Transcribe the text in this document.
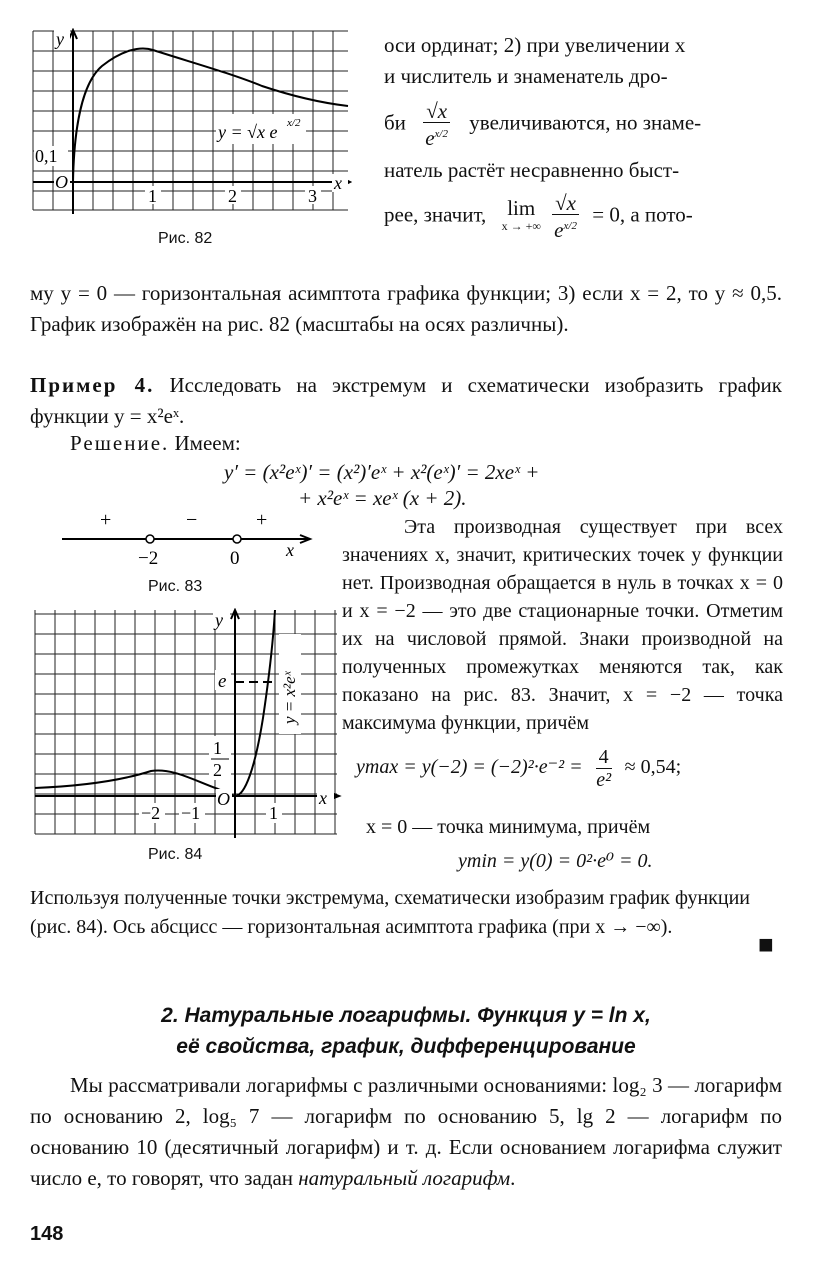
y
x
0,1
O
1	2	3
y = √x e x/2
Рис. 82
оси ординат; 2) при увеличении x
и числитель и знаменатель дро-
би $\frac{√x}{e^{x/2}}$ увеличиваются, но знаме-
натель растёт несравненно быст-
рее, значит, lim
x → +∞
$\frac{√x}{e^{x/2}} = 0$, а пото-
му y = 0 — горизонтальная асимптота графика функции; 3) если x = 2, то y ≈ 0,5. График изображён на рис. 82 (масштабы на осях различны).
Пример 4. Исследовать на экстремум и схематически изобразить график функции y = x²eˣ.
Решение. Имеем:
y′ = (x²eˣ)′ = (x²)′eˣ + x²(eˣ)′ = 2xeˣ +
+ x²eˣ = xeˣ (x + 2).
+	−	+
−2	0	x
Рис. 83
y
e
1
2
O
−2 −1	1
x
y = x²eˣ
Рис. 84
Эта производная существует при всех значениях x, значит, критических точек у функции нет. Производная обращается в нуль в точках x = 0 и x = −2 — это две стационарные точки. Отметим их на числовой прямой. Знаки производной на полученных промежутках меняются так, как показано на рис. 83. Значит, x = −2 — точка максимума функции, причём
$ymax = y(-2) = (-2)^2\cdot e^{-2} = \frac{4}{\text{e²}} \approx 0,54$;
x = 0 — точка минимума, причём
ymin = y(0) = 0²·e⁰ = 0.
Используя полученные точки экстремума, схематически изобразим график функции (рис. 84). Ось абсцисс — горизонтальная асимптота графика (при x → −∞).
■
2. Натуральные логарифмы. Функция y = ln x,
её свойства, график, дифференцирование
Мы рассматривали логарифмы с различными основаниями: log₂ 3 — логарифм по основанию 2, log₅ 7 — логарифм по основанию 5, lg 2 — логарифм по основанию 10 (десятичный логарифм) и т. д. Если основанием логарифма служит число e, то говорят, что задан натуральный логарифм.
148
